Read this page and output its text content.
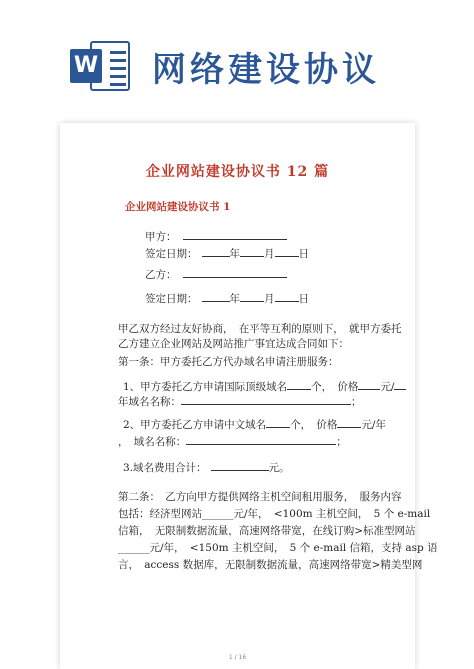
W 网络建设协议
企业网站建设协议书 12 篇
企业网站建设协议书 1
甲方：
签定日期：	年 月 日
乙方：
签定日期：	年 月 日
甲乙双方经过友好协商，　在平等互利的原则下，　就甲方委托
乙方建立企业网站及网站推广事宜达成合同如下：
第一条：甲方委托乙方代办域名申请注册服务：
1、甲方委托乙方申请国际顶级域名 个，　价格 元/
年域名名称：	；
2、甲方委托乙方申请中文域名 个，　价格 元/年
，　域名名称：	；
3.域名费用合计：	元。
第二条：　乙方向甲方提供网络主机空间租用服务，　服务内容
包括：经济型网站______元/年，　<100m 主机空间，　5 个 e-mail
信箱，　无限制数据流量，高速网络带宽，在线订购>标准型网站
______元/年，　<150m 主机空间，　5 个 e-mail 信箱，支持 asp 语
言，　access 数据库，无限制数据流量，高速网络带宽>精美型网
1 / 16
